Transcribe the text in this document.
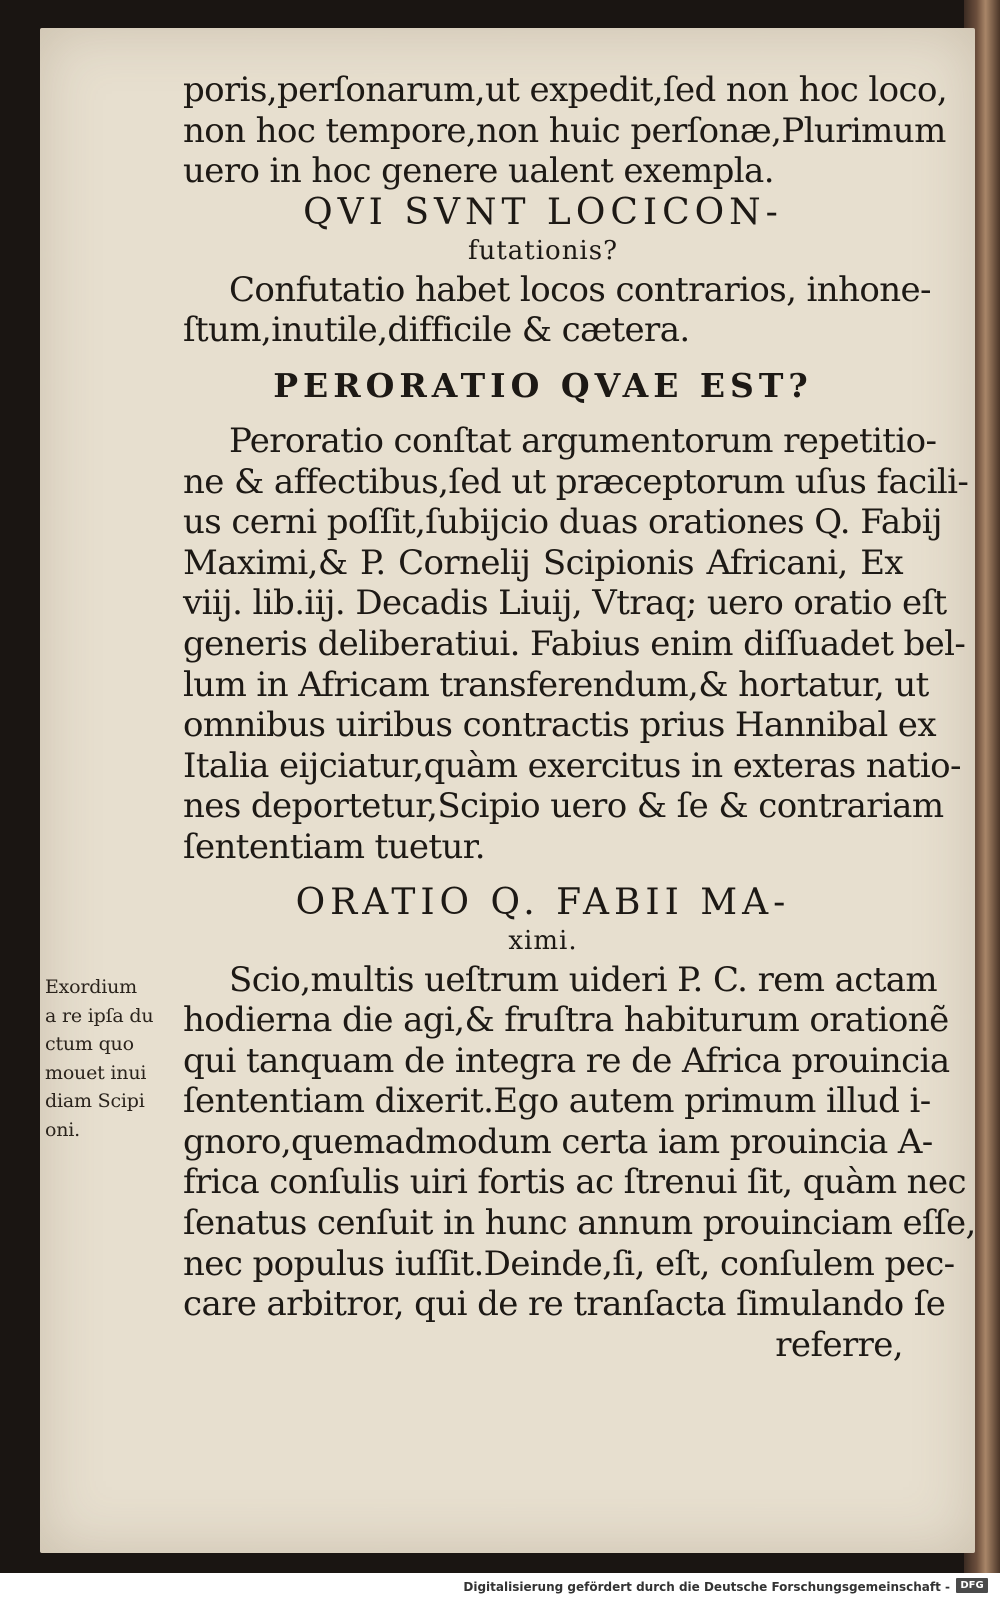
Exordium
a re ipſa du
ctum quo
mouet inui
diam Scipi
oni.
poris,perſonarum,ut expedit,ſed non hoc loco,
non hoc tempore,non huic perſonæ,Plurimum
uero in hoc genere ualent exempla.
QVI SVNT LOCICON-
futationis?
Confutatio habet locos contrarios, inhone-
ſtum,inutile,difficile & cætera.
PERORATIO QVAE EST?
Peroratio conſtat argumentorum repetitio-
ne & affectibus,ſed ut præceptorum uſus facili-
us cerni poſſit,ſubijcio duas orationes Q. Fabij
Maximi,& P. Cornelij Scipionis Africani, Ex
viij. lib.iij. Decadis Liuij, Vtraq; uero oratio eſt
generis deliberatiui. Fabius enim diſſuadet bel-
lum in Africam transferendum,& hortatur, ut
omnibus uiribus contractis prius Hannibal ex
Italia eijciatur,quàm exercitus in exteras natio-
nes deportetur,Scipio uero & ſe & contrariam
ſententiam tuetur.
ORATIO Q. FABII MA-
ximi.
Scio,multis ueſtrum uideri P. C. rem actam
hodierna die agi,& fruſtra habiturum orationẽ
qui tanquam de integra re de Africa prouincia
ſententiam dixerit.Ego autem primum illud i-
gnoro,quemadmodum certa iam prouincia A-
frica conſulis uiri fortis ac ſtrenui ſit, quàm nec
ſenatus cenſuit in hunc annum prouinciam eſſe,
nec populus iuſſit.Deinde,ſi, eſt, conſulem pec-
care arbitror, qui de re tranſacta ſimulando ſe
referre,
Digitalisierung gefördert durch die Deutsche Forschungsgemeinschaft -	DFG
